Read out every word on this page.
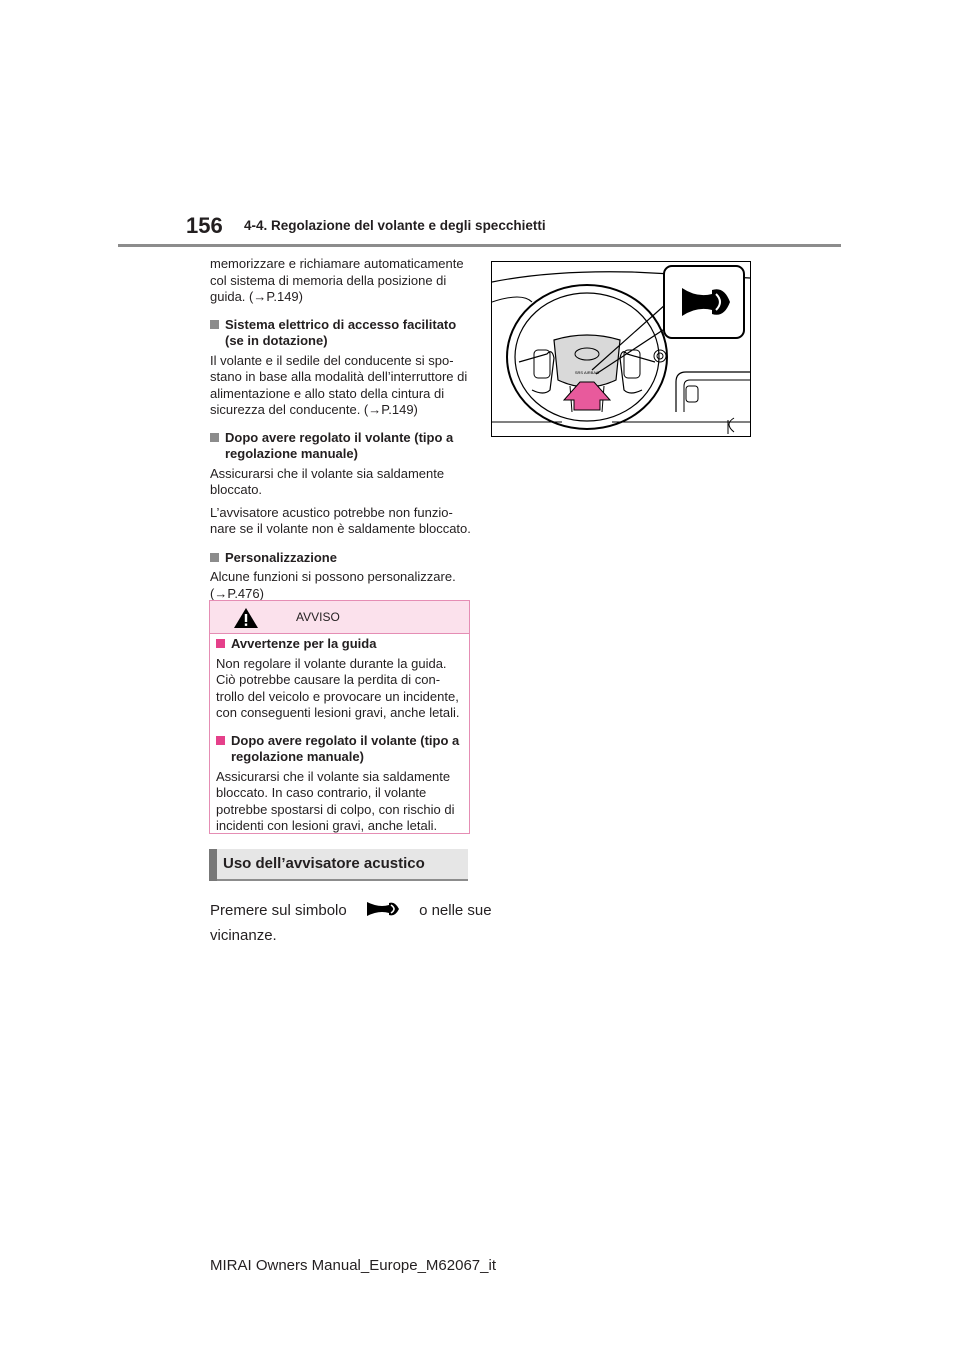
156 4-4. Regolazione del volante e degli specchietti

memorizzare e richiamare automaticamente
col sistema di memoria della posizione di
guida. (→P.149)

Sistema elettrico di accesso facilitato
(se in dotazione)

Il volante e il sedile del conducente si spo-
stano in base alla modalità dell’interruttore di
alimentazione e allo stato della cintura di
sicurezza del conducente. (→P.149)

Dopo avere regolato il volante (tipo a
regolazione manuale)

Assicurarsi che il volante sia saldamente
bloccato.

L’avvisatore acustico potrebbe non funzio-
nare se il volante non è saldamente bloccato.

Personalizzazione

Alcune funzioni si possono personalizzare.
(→P.476)

AVVISO
Avvertenze per la guida

Non regolare il volante durante la guida.
Ciò potrebbe causare la perdita di con-
trollo del veicolo e provocare un incidente,
con conseguenti lesioni gravi, anche letali.

Dopo avere regolato il volante (tipo a
regolazione manuale)

Assicurarsi che il volante sia saldamente
bloccato. In caso contrario, il volante
potrebbe spostarsi di colpo, con rischio di
incidenti con lesioni gravi, anche letali.

Uso dell’avvisatore acustico
Premere sul simbolo	o nelle sue
vicinanze.
SRS AIRBAG
MIRAI Owners Manual_Europe_M62067_it
